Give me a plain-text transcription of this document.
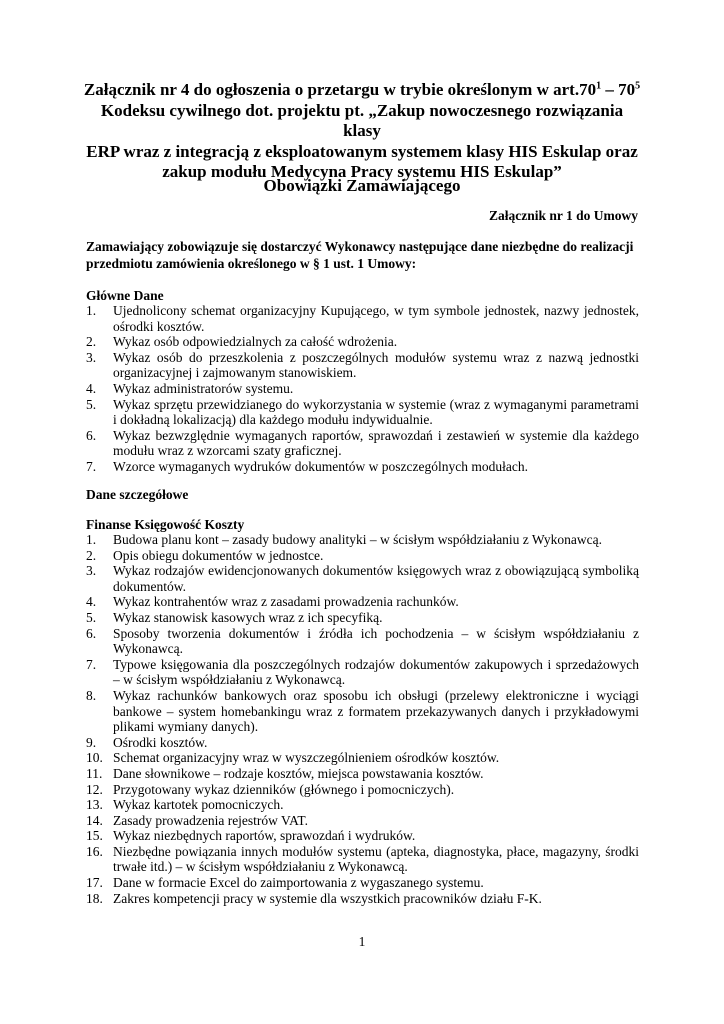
Załącznik nr 4 do ogłoszenia o przetargu w trybie określonym w $art.70^1 - 70^5$
Kodeksu cywilnego dot. projektu pt. „Zakup nowoczesnego rozwiązania klasy
ERP wraz z integracją z eksploatowanym systemem klasy HIS Eskulap oraz
zakup modułu Medycyna Pracy systemu HIS Eskulap”
Obowiązki Zamawiającego
Załącznik nr 1 do Umowy
Zamawiający zobowiązuje się dostarczyć Wykonawcy następujące dane niezbędne do realizacji przedmiotu zamówienia określonego w § 1 ust. 1 Umowy:
Główne Dane
1. Ujednolicony schemat organizacyjny Kupującego, w tym symbole jednostek, nazwy jednostek, ośrodki kosztów.
2. Wykaz osób odpowiedzialnych za całość wdrożenia.
3. Wykaz osób do przeszkolenia z poszczególnych modułów systemu wraz z nazwą jednostki organizacyjnej i zajmowanym stanowiskiem.
4. Wykaz administratorów systemu.
5. Wykaz sprzętu przewidzianego do wykorzystania w systemie (wraz z wymaganymi parametrami i dokładną lokalizacją) dla każdego modułu indywidualnie.
6. Wykaz bezwzględnie wymaganych raportów, sprawozdań i zestawień w systemie dla każdego modułu wraz z wzorcami szaty graficznej.
7. Wzorce wymaganych wydruków dokumentów w poszczególnych modułach.
Dane szczegółowe
Finanse Księgowość Koszty
1. Budowa planu kont – zasady budowy analityki – w ścisłym współdziałaniu z Wykonawcą.
2. Opis obiegu dokumentów w jednostce.
3. Wykaz rodzajów ewidencjonowanych dokumentów księgowych wraz z obowiązującą symboliką dokumentów.
4. Wykaz kontrahentów wraz z zasadami prowadzenia rachunków.
5. Wykaz stanowisk kasowych wraz z ich specyfiką.
6. Sposoby tworzenia dokumentów i źródła ich pochodzenia – w ścisłym współdziałaniu z Wykonawcą.
7. Typowe księgowania dla poszczególnych rodzajów dokumentów zakupowych i sprzedażowych – w ścisłym współdziałaniu z Wykonawcą.
8. Wykaz rachunków bankowych oraz sposobu ich obsługi (przelewy elektroniczne i wyciągi bankowe – system homebankingu wraz z formatem przekazywanych danych i przykładowymi plikami wymiany danych).
9. Ośrodki kosztów.
10. Schemat organizacyjny wraz w wyszczególnieniem ośrodków kosztów.
11. Dane słownikowe – rodzaje kosztów, miejsca powstawania kosztów.
12. Przygotowany wykaz dzienników (głównego i pomocniczych).
13. Wykaz kartotek pomocniczych.
14. Zasady prowadzenia rejestrów VAT.
15. Wykaz niezbędnych raportów, sprawozdań i wydruków.
16. Niezbędne powiązania innych modułów systemu (apteka, diagnostyka, płace, magazyny, środki trwałe itd.) – w ścisłym współdziałaniu z Wykonawcą.
17. Dane w formacie Excel do zaimportowania z wygaszanego systemu.
18. Zakres kompetencji pracy w systemie dla wszystkich pracowników działu F-K.
1
